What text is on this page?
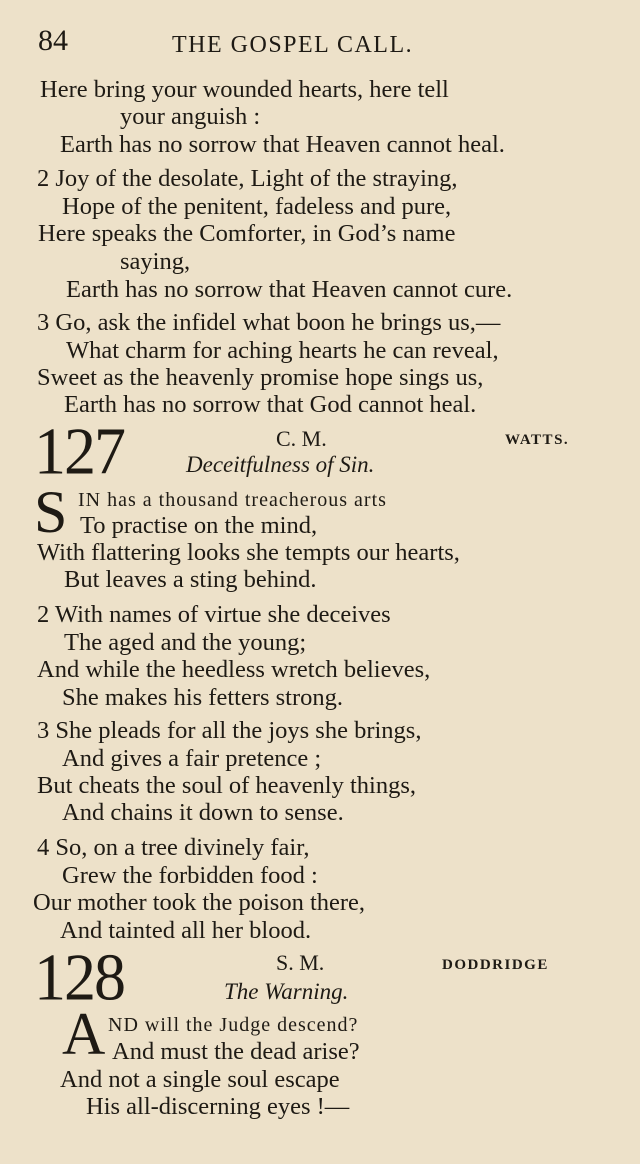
84	THE GOSPEL CALL.
Here bring your wounded hearts, here tell
your anguish :
Earth has no sorrow that Heaven cannot heal.
2 Joy of the desolate, Light of the straying,
Hope of the penitent, fadeless and pure,
Here speaks the Comforter, in God’s name
saying,
Earth has no sorrow that Heaven cannot cure.
3 Go, ask the infidel what boon he brings us,—
What charm for aching hearts he can reveal,
Sweet as the heavenly promise hope sings us,
Earth has no sorrow that God cannot heal.
127	C. M.	WATTS.
Deceitfulness of Sin.
S IN has a thousand treacherous arts
To practise on the mind,
With flattering looks she tempts our hearts,
But leaves a sting behind.
2 With names of virtue she deceives
The aged and the young;
And while the heedless wretch believes,
She makes his fetters strong.
3 She pleads for all the joys she brings,
And gives a fair pretence ;
But cheats the soul of heavenly things,
And chains it down to sense.
4 So, on a tree divinely fair,
Grew the forbidden food :
Our mother took the poison there,
And tainted all her blood.
128	S. M.	DODDRIDGE
The Warning.
A ND will the Judge descend?
And must the dead arise?
And not a single soul escape
His all-discerning eyes !—
